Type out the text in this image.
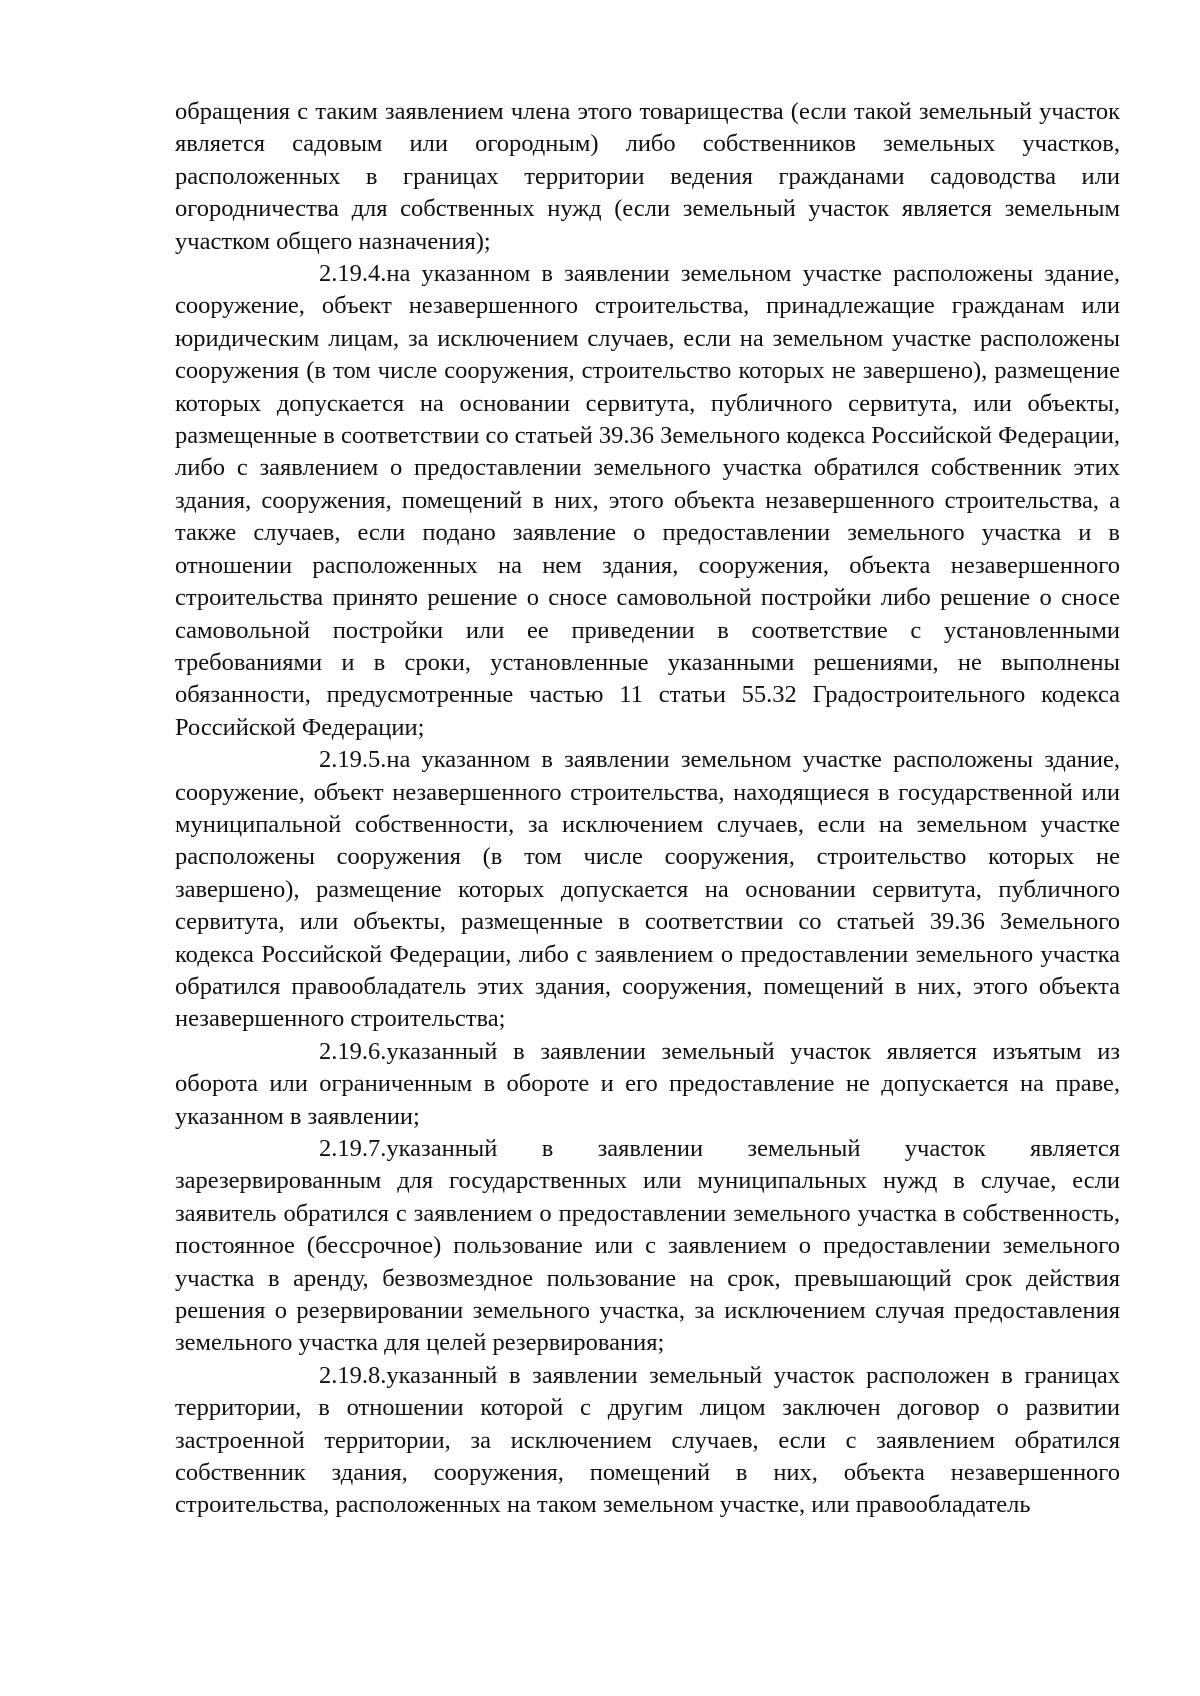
обращения с таким заявлением члена этого товарищества (если такой земельный участок является садовым или огородным) либо собственников земельных участков, расположенных в границах территории ведения гражданами садоводства или огородничества для собственных нужд (если земельный участок является земельным участком общего назначения);

2.19.4.на указанном в заявлении земельном участке расположены здание, сооружение, объект незавершенного строительства, принадлежащие гражданам или юридическим лицам, за исключением случаев, если на земельном участке расположены сооружения (в том числе сооружения, строительство которых не завершено), размещение которых допускается на основании сервитута, публичного сервитута, или объекты, размещенные в соответствии со статьей 39.36 Земельного кодекса Российской Федерации, либо с заявлением о предоставлении земельного участка обратился собственник этих здания, сооружения, помещений в них, этого объекта незавершенного строительства, а также случаев, если подано заявление о предоставлении земельного участка и в отношении расположенных на нем здания, сооружения, объекта незавершенного строительства принято решение о сносе самовольной постройки либо решение о сносе самовольной постройки или ее приведении в соответствие с установленными требованиями и в сроки, установленные указанными решениями, не выполнены обязанности, предусмотренные частью 11 статьи 55.32 Градостроительного кодекса Российской Федерации;

2.19.5.на указанном в заявлении земельном участке расположены здание, сооружение, объект незавершенного строительства, находящиеся в государственной или муниципальной собственности, за исключением случаев, если на земельном участке расположены сооружения (в том числе сооружения, строительство которых не завершено), размещение которых допускается на основании сервитута, публичного сервитута, или объекты, размещенные в соответствии со статьей 39.36 Земельного кодекса Российской Федерации, либо с заявлением о предоставлении земельного участка обратился правообладатель этих здания, сооружения, помещений в них, этого объекта незавершенного строительства;

2.19.6.указанный в заявлении земельный участок является изъятым из оборота или ограниченным в обороте и его предоставление не допускается на праве, указанном в заявлении;

2.19.7.указанный в заявлении земельный участок является зарезервированным для государственных или муниципальных нужд в случае, если заявитель обратился с заявлением о предоставлении земельного участка в собственность, постоянное (бессрочное) пользование или с заявлением о предоставлении земельного участка в аренду, безвозмездное пользование на срок, превышающий срок действия решения о резервировании земельного участка, за исключением случая предоставления земельного участка для целей резервирования;

2.19.8.указанный в заявлении земельный участок расположен в границах территории, в отношении которой с другим лицом заключен договор о развитии застроенной территории, за исключением случаев, если с заявлением обратился собственник здания, сооружения, помещений в них, объекта незавершенного строительства, расположенных на таком земельном участке, или правообладатель
